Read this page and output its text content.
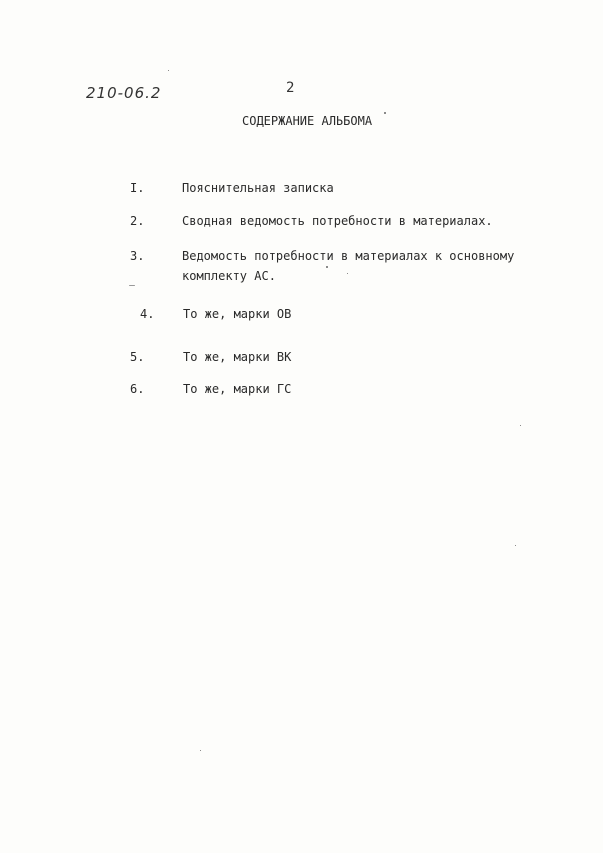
210-06.2	2
СОДЕРЖАНИЕ АЛЬБОМА
I.	Пояснительная записка
2.	Сводная ведомость потребности в материалах.
3.	Ведомость потребности в материалах к основному
комплекту АС.
4. То же, марки ОВ
5.	То же, марки ВК
6.	То же, марки ГС
